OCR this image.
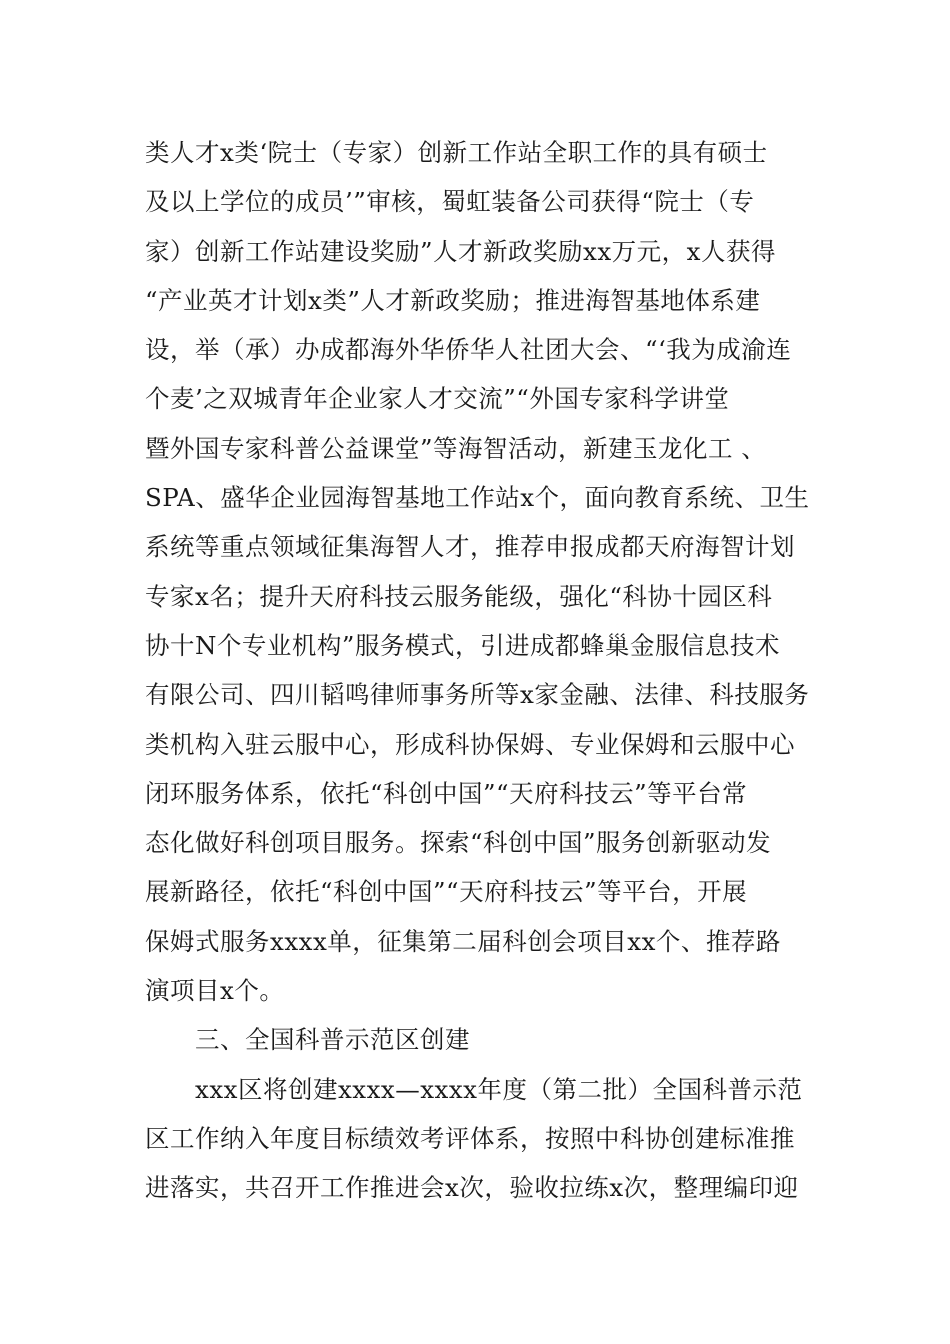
类人才x类‘院士（专家）创新工作站全职工作的具有硕士
及以上学位的成员’”审核，蜀虹装备公司获得“院士（专
家）创新工作站建设奖励”人才新政奖励xx万元，x人获得
“产业英才计划x类”人才新政奖励；推进海智基地体系建
设，举（承）办成都海外华侨华人社团大会、“‘我为成渝连
个麦’之双城青年企业家人才交流”“外国专家科学讲堂
暨外国专家科普公益课堂”等海智活动，新建玉龙化工 、
SPA、盛华企业园海智基地工作站x个，面向教育系统、卫生
系统等重点领域征集海智人才，推荐申报成都天府海智计划
专家x名；提升天府科技云服务能级，强化“科协十园区科
协十N个专业机构”服务模式，引进成都蜂巢金服信息技术
有限公司、四川韬鸣律师事务所等x家金融、法律、科技服务
类机构入驻云服中心，形成科协保姆、专业保姆和云服中心
闭环服务体系，依托“科创中国”“天府科技云”等平台常
态化做好科创项目服务。探索“科创中国”服务创新驱动发
展新路径，依托“科创中国”“天府科技云”等平台，开展
保姆式服务xxxx单，征集第二届科创会项目xx个、推荐路
演项目x个。
三、全国科普示范区创建
xxx区将创建xxxx—xxxx年度（第二批）全国科普示范
区工作纳入年度目标绩效考评体系，按照中科协创建标准推
进落实，共召开工作推进会x次，验收拉练x次，整理编印迎
